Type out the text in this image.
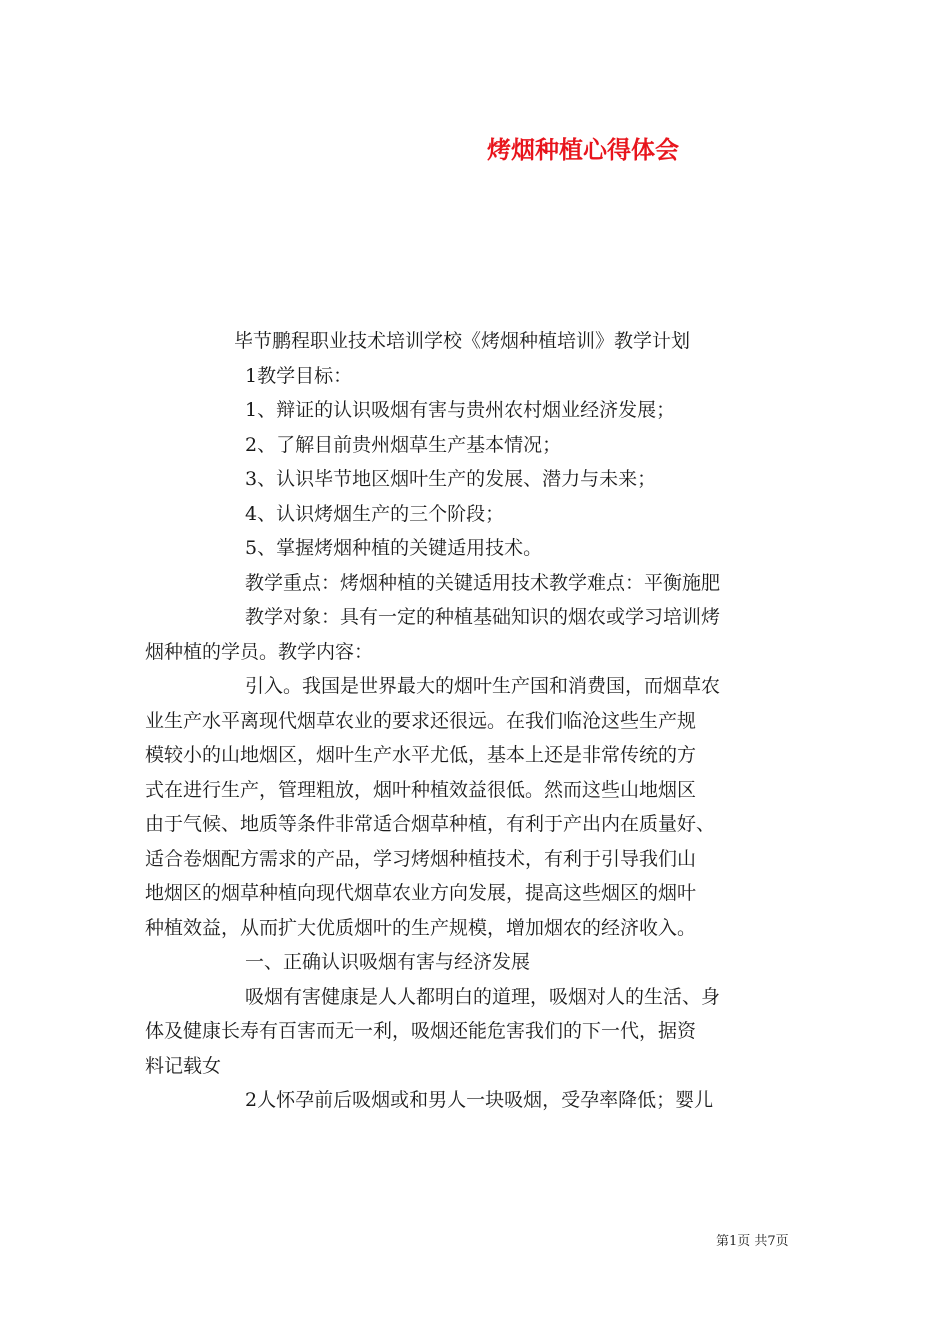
烤烟种植心得体会
毕节鹏程职业技术培训学校《烤烟种植培训》教学计划
1教学目标：
1、辩证的认识吸烟有害与贵州农村烟业经济发展；
2、了解目前贵州烟草生产基本情况；
3、认识毕节地区烟叶生产的发展、潜力与未来；
4、认识烤烟生产的三个阶段；
5、掌握烤烟种植的关键适用技术。
教学重点：烤烟种植的关键适用技术教学难点：平衡施肥
教学对象：具有一定的种植基础知识的烟农或学习培训烤
烟种植的学员。教学内容：
引入。我国是世界最大的烟叶生产国和消费国，而烟草农
业生产水平离现代烟草农业的要求还很远。在我们临沧这些生产规
模较小的山地烟区，烟叶生产水平尤低，基本上还是非常传统的方
式在进行生产，管理粗放，烟叶种植效益很低。然而这些山地烟区
由于气候、地质等条件非常适合烟草种植，有利于产出内在质量好、
适合卷烟配方需求的产品，学习烤烟种植技术，有利于引导我们山
地烟区的烟草种植向现代烟草农业方向发展，提高这些烟区的烟叶
种植效益，从而扩大优质烟叶的生产规模，增加烟农的经济收入。
一、正确认识吸烟有害与经济发展
吸烟有害健康是人人都明白的道理，吸烟对人的生活、身
体及健康长寿有百害而无一利，吸烟还能危害我们的下一代，据资
料记载女
2人怀孕前后吸烟或和男人一块吸烟，受孕率降低；婴儿
第1页 共7页
